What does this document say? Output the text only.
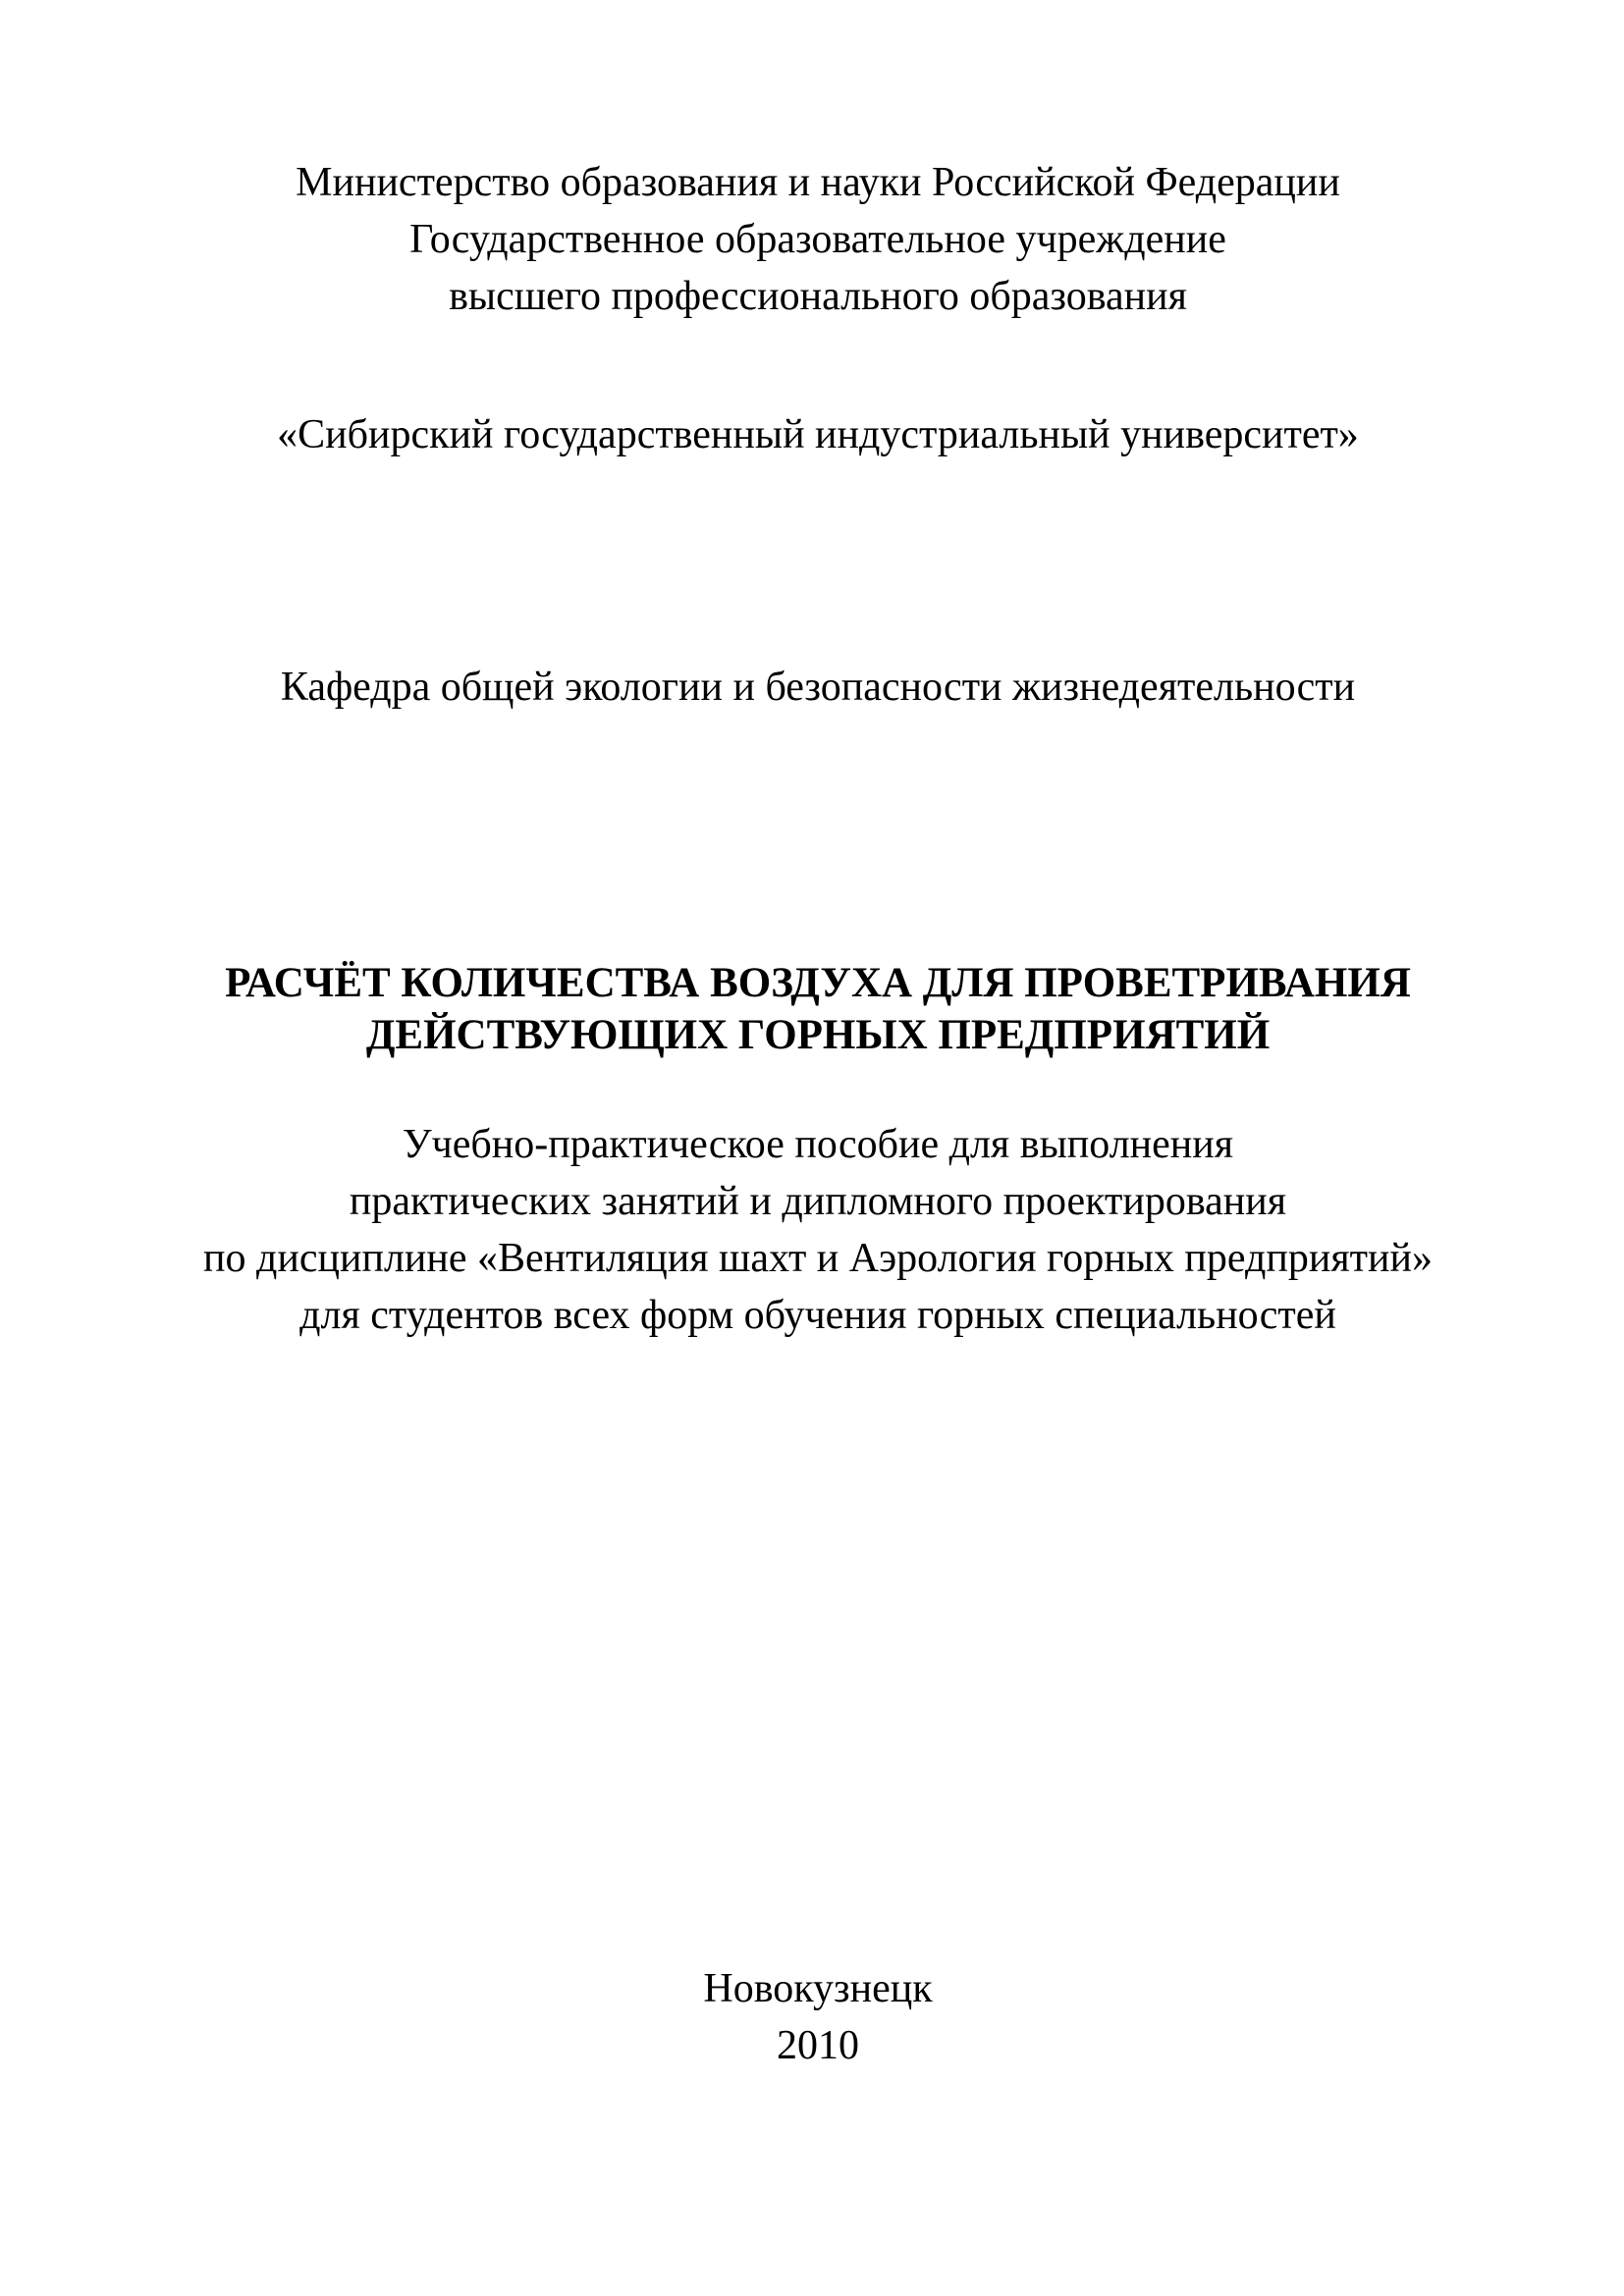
Министерство образования и науки Российской Федерации
Государственное образовательное учреждение
высшего профессионального образования
«Сибирский государственный индустриальный университет»
Кафедра общей экологии и безопасности жизнедеятельности
РАСЧЁТ КОЛИЧЕСТВА ВОЗДУХА ДЛЯ ПРОВЕТРИВАНИЯ
ДЕЙСТВУЮЩИХ ГОРНЫХ ПРЕДПРИЯТИЙ
Учебно-практическое пособие для выполнения
практических занятий и дипломного проектирования
по дисциплине «Вентиляция шахт и Аэрология горных предприятий»
для студентов всех форм обучения горных специальностей
Новокузнецк
2010
